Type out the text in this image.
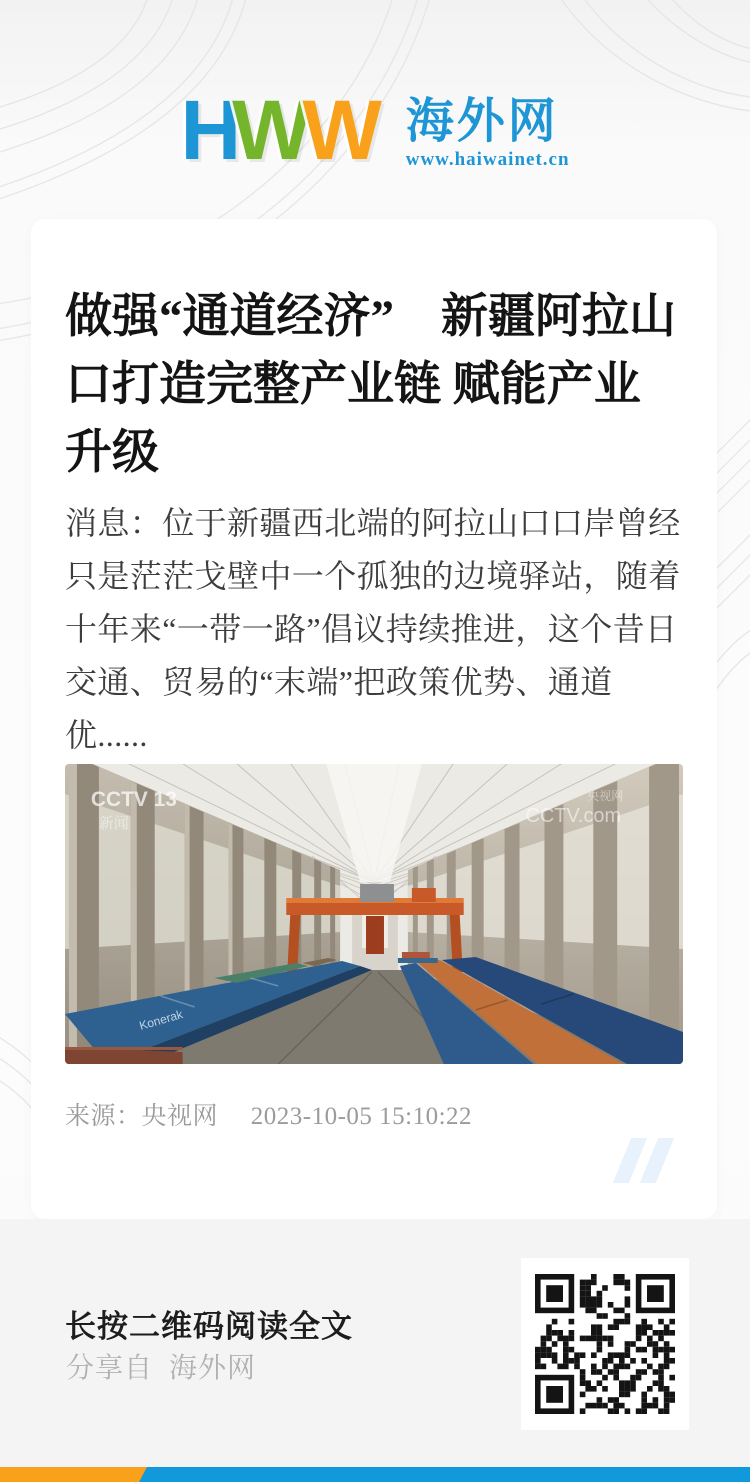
HWW 海外网
www.haiwainet.cn
做强“通道经济”　新疆阿拉山口打造完整产业链 赋能产业升级

消息：位于新疆西北端的阿拉山口口岸曾经只是茫茫戈壁中一个孤独的边境驿站，随着十年来“一带一路”倡议持续推进，这个昔日交通、贸易的“末端”把政策优势、通道优......

Konerak
CCTV 13
新闻
央视网
CCTV.com
来源：央视网 2023-10-05 15:10:22
长按二维码阅读全文
分享自 海外网
